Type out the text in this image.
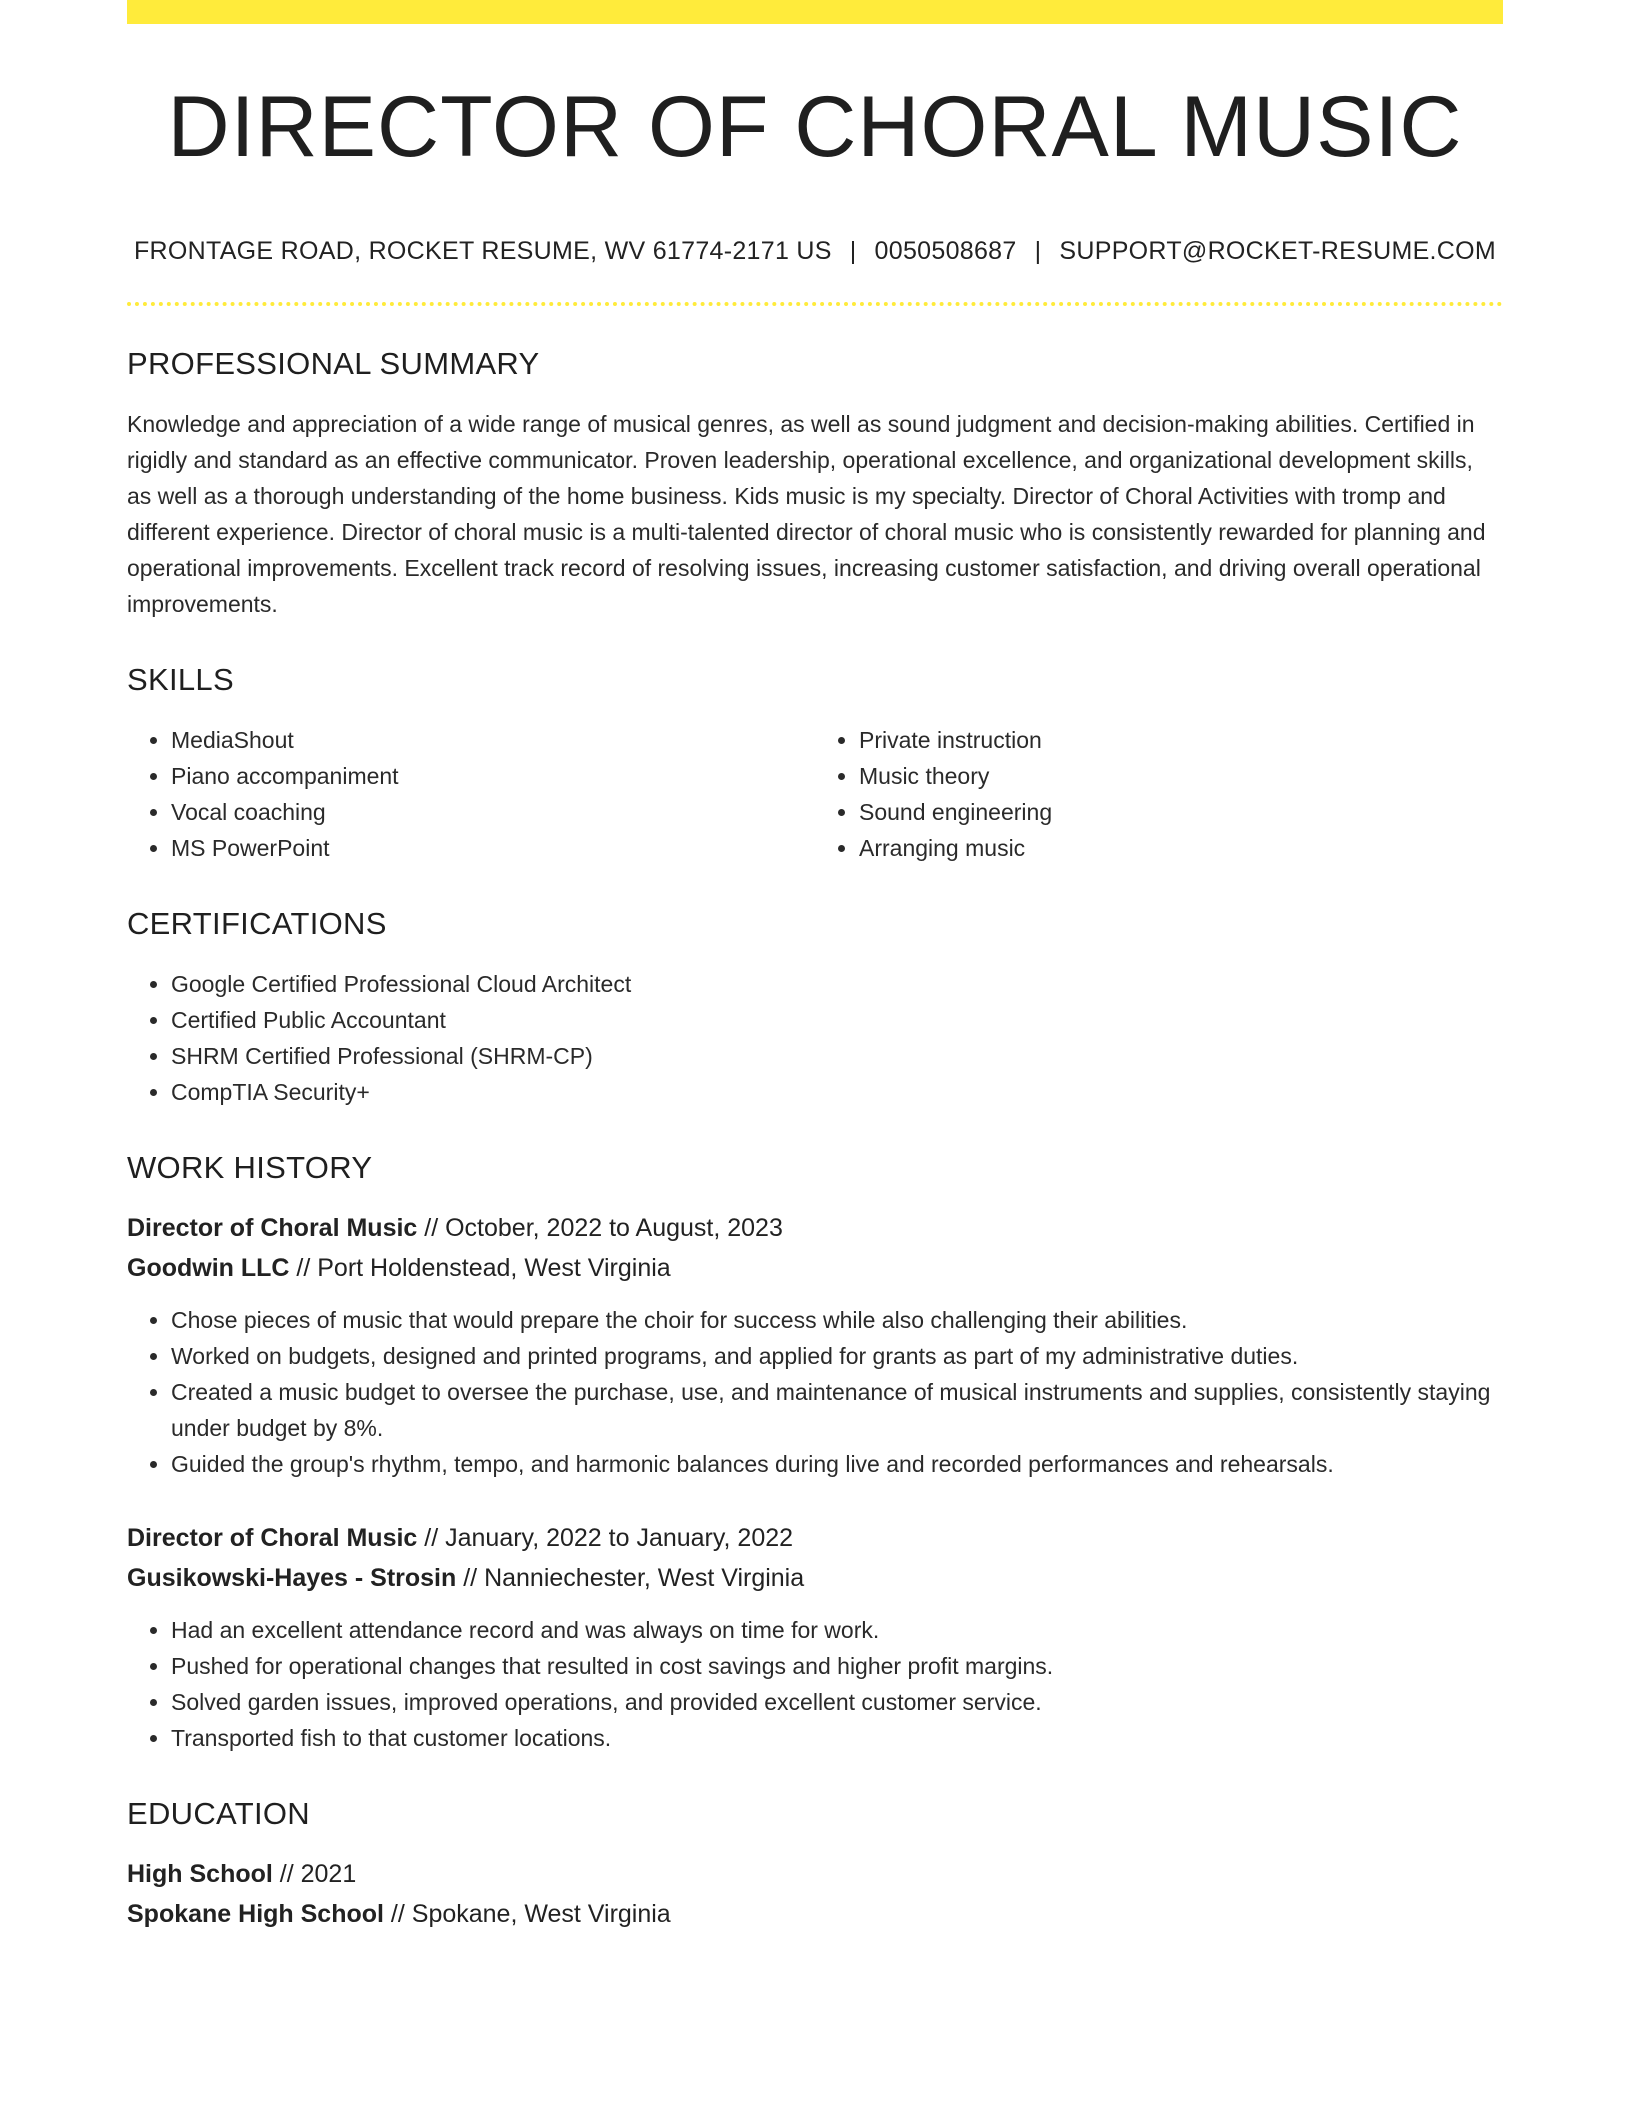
DIRECTOR OF CHORAL MUSIC
FRONTAGE ROAD, ROCKET RESUME, WV 61774-2171 US | 0050508687 | SUPPORT@ROCKET-RESUME.COM
PROFESSIONAL SUMMARY
Knowledge and appreciation of a wide range of musical genres, as well as sound judgment and decision-making abilities. Certified in rigidly and standard as an effective communicator. Proven leadership, operational excellence, and organizational development skills, as well as a thorough understanding of the home business. Kids music is my specialty. Director of Choral Activities with tromp and different experience. Director of choral music is a multi-talented director of choral music who is consistently rewarded for planning and operational improvements. Excellent track record of resolving issues, increasing customer satisfaction, and driving overall operational improvements.
SKILLS
• MediaShout
• Piano accompaniment
• Vocal coaching
• MS PowerPoint
• Private instruction
• Music theory
• Sound engineering
• Arranging music
CERTIFICATIONS
• Google Certified Professional Cloud Architect
• Certified Public Accountant
• SHRM Certified Professional (SHRM-CP)
• CompTIA Security+
WORK HISTORY
Director of Choral Music // October, 2022 to August, 2023
Goodwin LLC // Port Holdenstead, West Virginia
• Chose pieces of music that would prepare the choir for success while also challenging their abilities.
• Worked on budgets, designed and printed programs, and applied for grants as part of my administrative duties.
• Created a music budget to oversee the purchase, use, and maintenance of musical instruments and supplies, consistently staying under budget by 8%.
• Guided the group's rhythm, tempo, and harmonic balances during live and recorded performances and rehearsals.
Director of Choral Music // January, 2022 to January, 2022
Gusikowski-Hayes - Strosin // Nanniechester, West Virginia
• Had an excellent attendance record and was always on time for work.
• Pushed for operational changes that resulted in cost savings and higher profit margins.
• Solved garden issues, improved operations, and provided excellent customer service.
• Transported fish to that customer locations.
EDUCATION
High School // 2021
Spokane High School // Spokane, West Virginia
